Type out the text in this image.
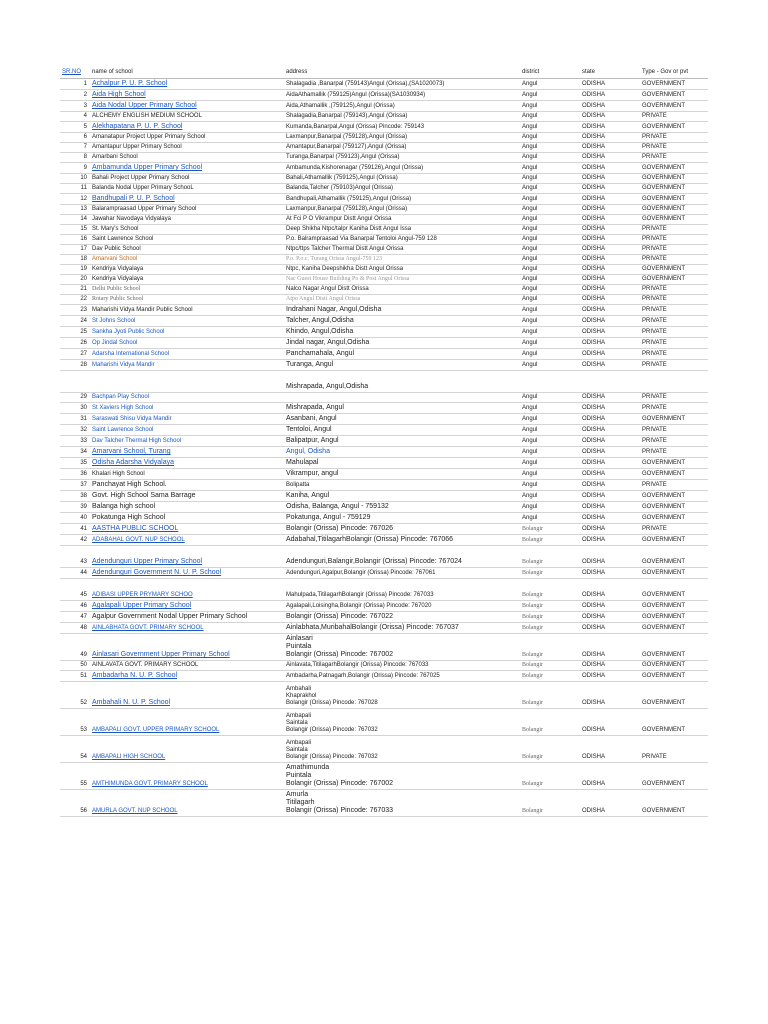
SR.NO	name of school	address	district	state	Type - Gov or pvt
1	Achalpur P. U. P. School	Shalagadia ,Banarpal (759143)Angul (Orissa),(SA1020073)	Angul	ODISHA	GOVERNMENT
2	Aida High School	AidaAthamallik (759125)Angul (Orissa)(SA1030934)	Angul	ODISHA	GOVERNMENT
3	Aida Nodal Upper Primary School	Aida,Athamallik ,(759125),Angul (Orissa)	Angul	ODISHA	GOVERNMENT
4	ALCHEMY ENGLISH MEDIUM SCHOOL	Shalagadia,Banarpal (759143),Angul (Orissa)	Angul	ODISHA	PRIVATE
5	Alekhapatana P. U. P. School	Kumanda,Banarpal,Angul (Orissa) Pincode: 759143	Angul	ODISHA	GOVERNMENT
6	Amanatapur Project Upper Primary School	Laxmanpur,Banarpal (759128),Angul (Orissa)	Angul	ODISHA	PRIVATE
7	Amantapur Upper Primary School	Amantapur,Banarpal (759127),Angul (Orissa)	Angul	ODISHA	PRIVATE
8	Amarbani School	Turanga,Banarpal (759123),Angul (Orissa)	Angul	ODISHA	PRIVATE
9	Ambamunda Upper Primary School	Ambamunda,Kishorenagar (759126),Angul (Orissa)	Angul	ODISHA	GOVERNMENT
10	Bahali Project Upper Primary School	Bahali,Athamallik (759125),Angul (Orissa)	Angul	ODISHA	GOVERNMENT
11	Balanda Nodal Upper Primary SchooL	Balanda,Talcher (759103)Angul (Orissa)	Angul	ODISHA	GOVERNMENT
12	Bandhupali P. U. P. School	Bandhupali,Athamallik (759125),Angul (Orissa)	Angul	ODISHA	GOVERNMENT
13	Balarampraasad Upper Primary School	Laxmanpur,Banarpal (759128),Angul (Orissa)	Angul	ODISHA	GOVERNMENT
14	Jawahar Navodaya Vidyalaya	At Fci P O Vikrampur Distt Angul Orissa	Angul	ODISHA	GOVERNMENT
15	St. Mary's School	Deep Shikha Ntpc/talpr Kaniha Distt Angul Issa	Angul	ODISHA	PRIVATE
16	Saint Lawrence School	P.o. Balrampraasad Via Banarpal Tentoloi Angul-759 128	Angul	ODISHA	PRIVATE
17	Dav Public School	Ntpc/ttps Talcher Thermal Distt Angul Orissa	Angul	ODISHA	PRIVATE
18	Amarvani School	P.o. P.o.c. Turang Orissa Angul-759 123	Angul	ODISHA	PRIVATE
19	Kendriya Vidyalaya	Ntpc, Kaniha Deepshikha Distt Angul Orissa	Angul	ODISHA	GOVERNMENT
20	Kendriya Vidyalaya	Nac Guest House Building Po & Post Angul Orissa	Angul	ODISHA	GOVERNMENT
21	Delhi Public School	Nalco Nagar Angul Distt Orissa	Angul	ODISHA	PRIVATE
22	Rotary Public School	Atpo Angul Distt Angul Orissa	Angul	ODISHA	PRIVATE
23	Maharishi Vidya Mandir Public School	Indrahani Nagar, Angul,Odisha	Angul	ODISHA	PRIVATE
24	St Johns School	Talcher, Angul,Odisha	Angul	ODISHA	PRIVATE
25	Sankha Jyoti Public School	Khindo, Angul,Odisha	Angul	ODISHA	PRIVATE
26	Op Jindal School	Jindal nagar, Angul,Odisha	Angul	ODISHA	PRIVATE
27	Adarsha International School	Panchamahala, Angul	Angul	ODISHA	PRIVATE
28	Maharishi Vidya Mandir	Turanga, Angul	Angul	ODISHA	PRIVATE
		Mishrapada, Angul,Odisha			
29	Bachpan Play School		Angul	ODISHA	PRIVATE
30	St Xaviers High School	Mishrapada, Angul	Angul	ODISHA	PRIVATE
31	Saraswati Shisu Vidya Mandir	Asanbani, Angul	Angul	ODISHA	GOVERNMENT
32	Saint Lawrence School	Tentoloi, Angul	Angul	ODISHA	PRIVATE
33	Dav Talcher Thermal High School	Balipatpur, Angul	Angul	ODISHA	PRIVATE
34	Amarvani School, Turang	Angul, Odisha	Angul	ODISHA	PRIVATE
35	Odisha Adarsha Vidyalaya	Mahulapal	Angul	ODISHA	GOVERNMENT
36	Khalari High School	Vikrampur, angul	Angul	ODISHA	GOVERNMENT
37	Panchayat High School.	Bolipatta	Angul	ODISHA	PRIVATE
38	Govt. High School Sama Barrage	Kaniha, Angul	Angul	ODISHA	GOVERNMENT
39	Balanga high school	Odisha, Balanga, Angul - 759132	Angul	ODISHA	GOVERNMENT
40	Pokatunga High School	Pokatunga, Angul - 759129	Angul	ODISHA	GOVERNMENT
41	AASTHA PUBLIC SCHOOL	Bolangir (Orissa) Pincode: 767026	Bolangir	ODISHA	PRIVATE
42	ADABAHAL GOVT. NUP SCHOOL	Adabahal,TitilagarhBolangir (Orissa) Pincode: 767066	Bolangir	ODISHA	GOVERNMENT
43	Adendunguri Upper Primary School	Adendunguri,Balangir,Bolangir (Orissa) Pincode: 767024	Bolangir	ODISHA	GOVERNMENT
44	Adendunguri Government N. U. P. School	Adendunguri,Agalpur,Bolangir (Orissa) Pincode: 767061	Bolangir	ODISHA	GOVERNMENT
45	ADIBASI UPPER PRYMARY SCHOO	Mahulpada,TitilagarhBolangir (Orissa) Pincode: 767033	Bolangir	ODISHA	GOVERNMENT
46	Agalapali Upper Primary School	Agalapali,Loisingha,Bolangir (Orissa) Pincode: 767020	Bolangir	ODISHA	GOVERNMENT
47	Agalpur Government Nodal Upper Primary School	Bolangir (Orissa) Pincode: 767022	Bolangir	ODISHA	GOVERNMENT
48	AINLABHATA GOVT. PRIMARY SCHOOL	Ainlabhata,MuribahalBolangir (Orissa) Pincode: 767037	Bolangir	ODISHA	GOVERNMENT
49	Ainlasari Government Upper Primary School	Ainlasari
Puintala
Bolangir (Orissa) Pincode: 767002	Bolangir	ODISHA	GOVERNMENT
50	AINLAVATA GOVT. PRIMARY SCHOOL	Ainlavata,TitilagarhBolangir (Orissa) Pincode: 767033	Bolangir	ODISHA	GOVERNMENT
51	Ambadarha N. U. P. School	Ambadarha,Patnagarh,Bolangir (Orissa) Pincode: 767025	Bolangir	ODISHA	GOVERNMENT
52	Ambahali N. U. P. School	Ambahali
Khaprakhol
Bolangir (Orissa) Pincode: 767028	Bolangir	ODISHA	GOVERNMENT
53	AMBAPALI GOVT. UPPER PRIMARY SCHOOL	Ambapali
Saintala
Bolangir (Orissa) Pincode: 767032	Bolangir	ODISHA	GOVERNMENT
54	AMBAPALI HIGH SCHOOL	Ambapali
Saintala
Bolangir (Orissa) Pincode: 767032	Bolangir	ODISHA	PRIVATE
55	AMTHIMUNDA GOVT. PRIMARY SCHOOL	Amathimunda
Puintala
Bolangir (Orissa) Pincode: 767002	Bolangir	ODISHA	GOVERNMENT
56	AMURLA GOVT. NUP SCHOOL	Amurla
Titilagarh
Bolangir (Orissa) Pincode: 767033	Bolangir	ODISHA	GOVERNMENT
